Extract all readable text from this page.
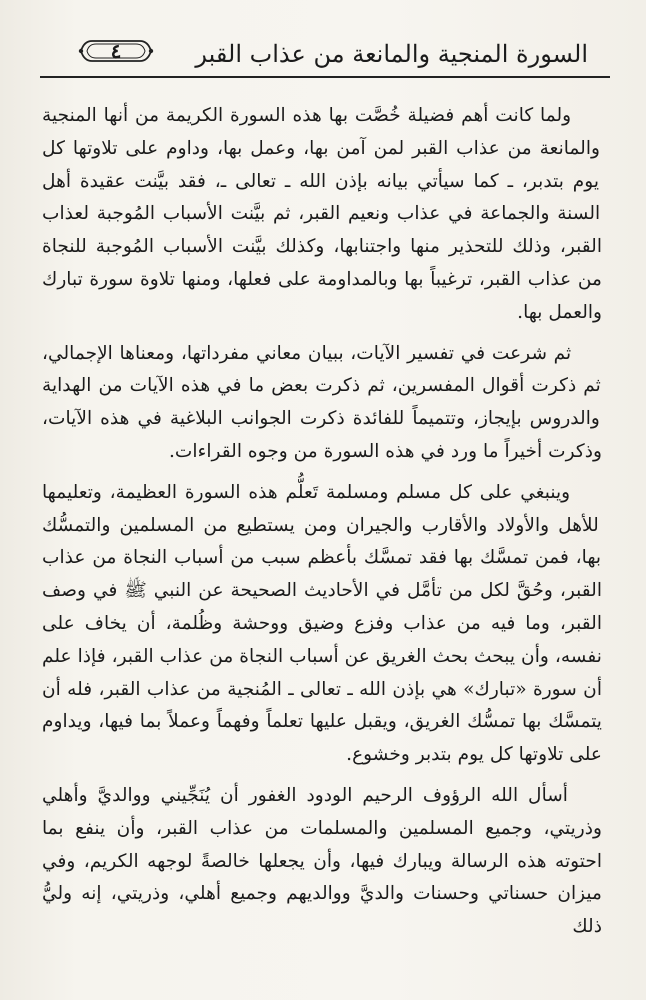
٤	السورة المنجية والمانعة من عذاب القبر

ولما كانت أهم فضيلة خُصَّت بها هذه السورة الكريمة من أنها المنجية والمانعة من عذاب القبر لمن آمن بها، وعمل بها، وداوم على تلاوتها كل يوم بتدبر، ـ كما سيأتي بيانه بإذن الله ـ تعالى ـ، فقد بيَّنت عقيدة أهل السنة والجماعة في عذاب ونعيم القبر، ثم بيَّنت الأسباب المُوجبة لعذاب القبر، وذلك للتحذير منها واجتنابها، وكذلك بيَّنت الأسباب المُوجبة للنجاة من عذاب القبر، ترغيباً بها وبالمداومة على فعلها، ومنها تلاوة سورة تبارك والعمل بها.

ثم شرعت في تفسير الآيات، ببيان معاني مفرداتها، ومعناها الإجمالي، ثم ذكرت أقوال المفسرين، ثم ذكرت بعض ما في هذه الآيات من الهداية والدروس بإيجاز، وتتميماً للفائدة ذكرت الجوانب البلاغية في هذه الآيات، وذكرت أخيراً ما ورد في هذه السورة من وجوه القراءات.

وينبغي على كل مسلم ومسلمة تَعلُّم هذه السورة العظيمة، وتعليمها للأهل والأولاد والأقارب والجيران ومن يستطيع من المسلمين والتمسُّك بها، فمن تمسَّك بها فقد تمسَّك بأعظم سبب من أسباب النجاة من عذاب القبر، وحُقَّ لكل من تأمَّل في الأحاديث الصحيحة عن النبي ﷺ في وصف القبر، وما فيه من عذاب وفزع وضيق ووحشة وظُلمة، أن يخاف على نفسه، وأن يبحث بحث الغريق عن أسباب النجاة من عذاب القبر، فإذا علم أن سورة «تبارك» هي بإذن الله ـ تعالى ـ المُنجية من عذاب القبر، فله أن يتمسَّك بها تمسُّك الغريق، ويقبل عليها تعلماً وفهماً وعملاً بما فيها، ويداوم على تلاوتها كل يوم بتدبر وخشوع.

أسأل الله الرؤوف الرحيم الودود الغفور أن يُنَجِّيني ووالديَّ وأهلي وذريتي، وجميع المسلمين والمسلمات من عذاب القبر، وأن ينفع بما احتوته هذه الرسالة ويبارك فيها، وأن يجعلها خالصةً لوجهه الكريم، وفي ميزان حسناتي وحسنات والديَّ ووالديهم وجميع أهلي، وذريتي، إنه وليُّ ذلك
